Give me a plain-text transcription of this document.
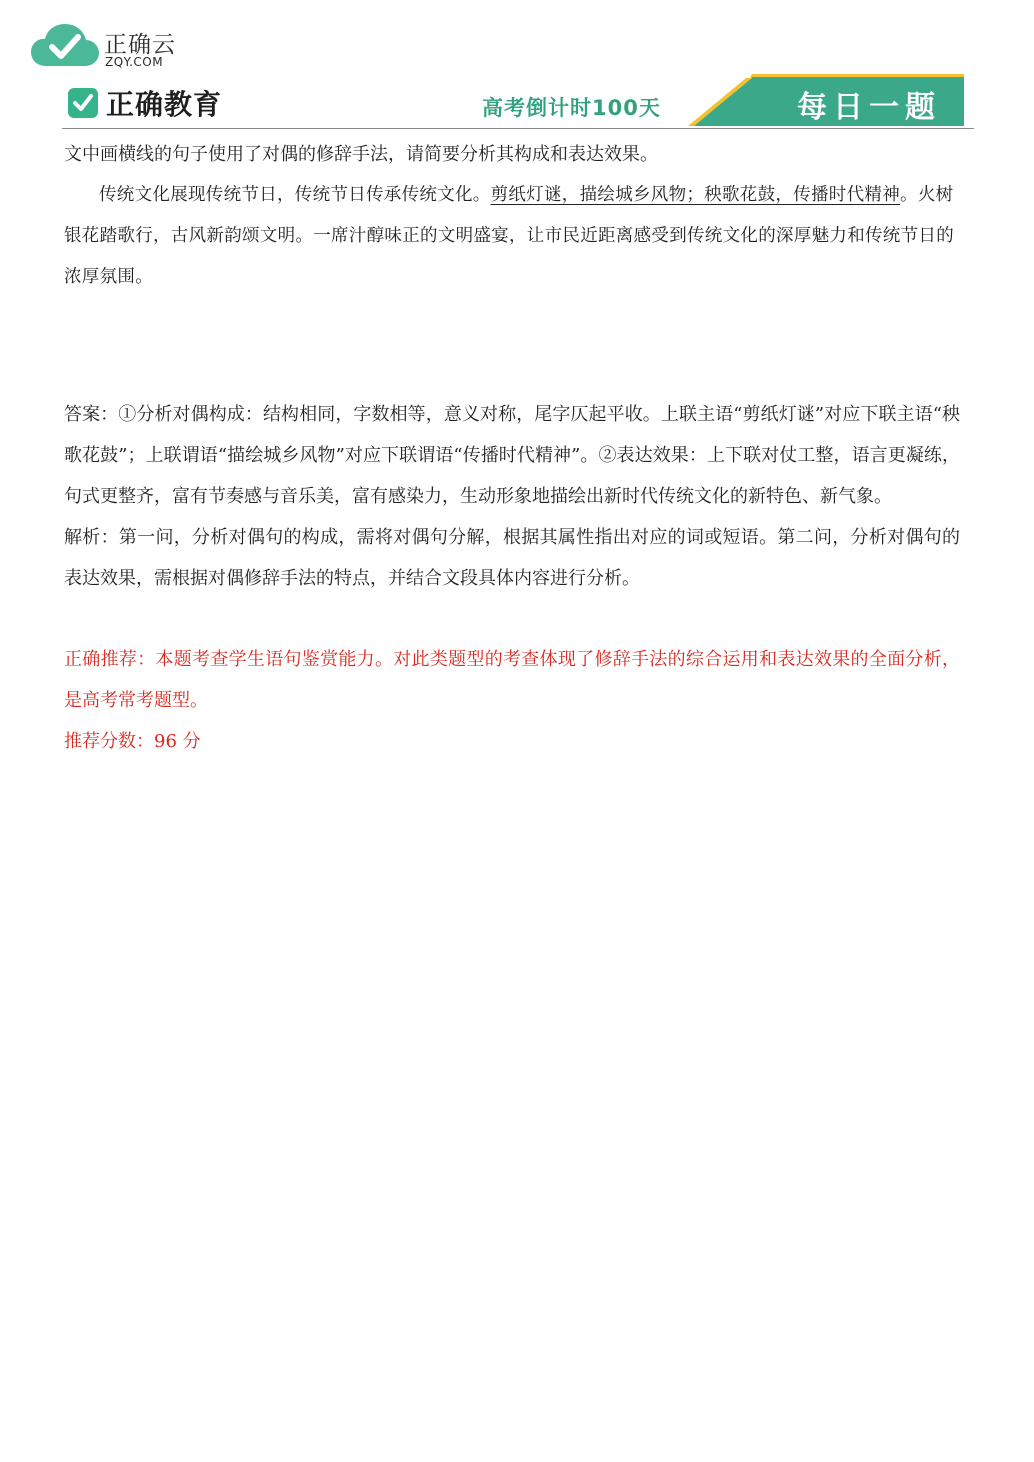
正确云
ZQY.COM
正确教育	高考倒计时100天	每日一题

文中画横线的句子使用了对偶的修辞手法，请简要分析其构成和表达效果。

传统文化展现传统节日，传统节日传承传统文化。剪纸灯谜，描绘城乡风物；秧歌花鼓，传播时代精神。火树银花踏歌行，古风新韵颂文明。一席汁醇味正的文明盛宴，让市民近距离感受到传统文化的深厚魅力和传统节日的浓厚氛围。

答案：①分析对偶构成：结构相同，字数相等，意义对称，尾字仄起平收。上联主语“剪纸灯谜”对应下联主语“秧歌花鼓”；上联谓语“描绘城乡风物”对应下联谓语“传播时代精神”。②表达效果：上下联对仗工整，语言更凝练，句式更整齐，富有节奏感与音乐美，富有感染力，生动形象地描绘出新时代传统文化的新特色、新气象。

解析：第一问，分析对偶句的构成，需将对偶句分解，根据其属性指出对应的词或短语。第二问，分析对偶句的表达效果，需根据对偶修辞手法的特点，并结合文段具体内容进行分析。

正确推荐：本题考查学生语句鉴赏能力。对此类题型的考查体现了修辞手法的综合运用和表达效果的全面分析，是高考常考题型。

推荐分数：96 分
